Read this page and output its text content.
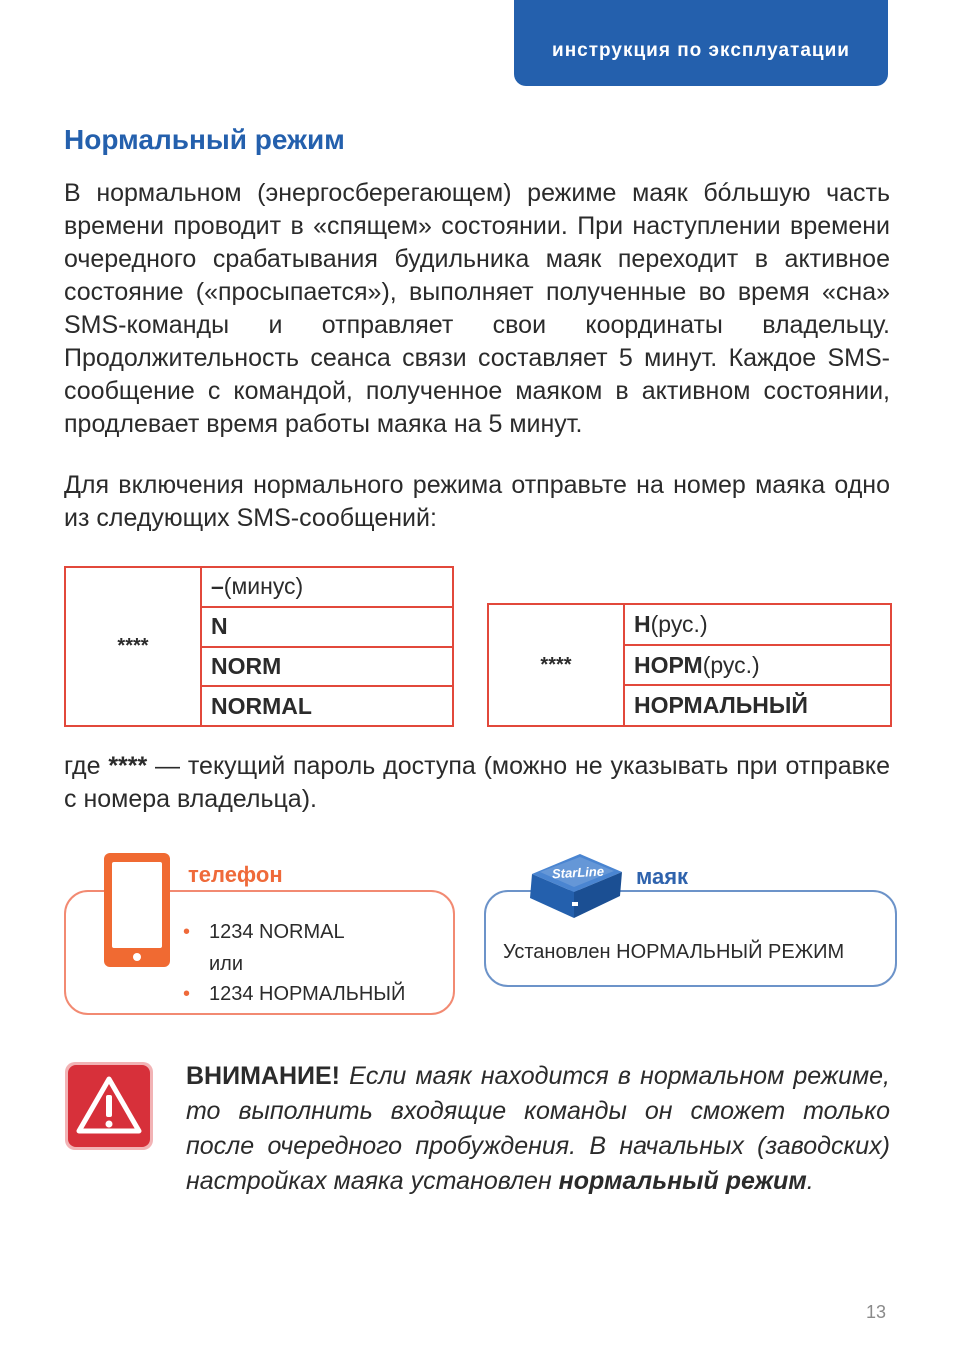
инструкция по эксплуатации
Нормальный режим

В нормальном (энергосберегающем) режиме маяк бóльшую часть времени проводит в «спящем» состоянии. При наступлении времени очередного срабатывания будильника маяк переходит в активное состояние («просыпается»), выполняет полученные во время «сна» SMS-команды и отправляет свои координаты владельцу. Продолжительность сеанса связи составляет 5 минут. Каждое SMS-сообщение с командой, полученное маяком в активном состоянии, продлевает время работы маяка на 5 минут.

Для включения нормального режима отправьте на номер маяка одно из следующих SMS-сообщений:

****
– (минус)
N
NORM
NORMAL
****
Н (рус.)
НОРМ (рус.)
НОРМАЛЬНЫЙ

где **** — текущий пароль доступа (можно не указывать при отправке с номера владельца).

телефон
• 1234 NORMAL
или
• 1234 НОРМАЛЬНЫЙ
маяк
StarLine
Установлен НОРМАЛЬНЫЙ РЕЖИМ

ВНИМАНИЕ! Если маяк находится в нормальном режиме, то выполнить входящие команды он сможет только после очередного пробуждения. В начальных (заводских) настройках маяка установлен нормальный режим.

13
